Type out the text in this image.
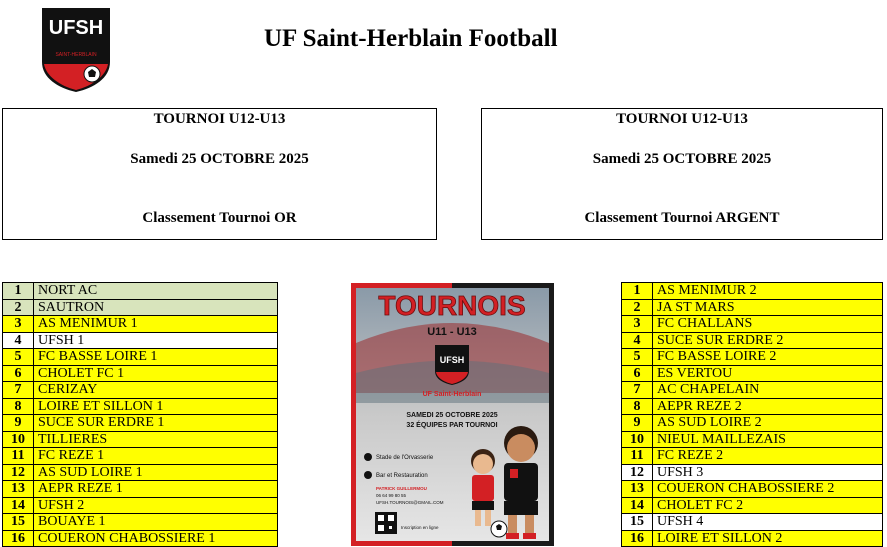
UFSH
SAINT-HERBLAIN
UF Saint-Herblain Football
TOURNOI U12-U13
Samedi 25 OCTOBRE 2025
Classement Tournoi OR
TOURNOI U12-U13
Samedi 25 OCTOBRE 2025
Classement Tournoi ARGENT
1	NORT AC
2	SAUTRON
3	AS MENIMUR 1
4	UFSH 1
5	FC BASSE LOIRE 1
6	CHOLET FC 1
7	CERIZAY
8	LOIRE ET SILLON 1
9	SUCE SUR ERDRE 1
10	TILLIERES
11	FC REZE 1
12	AS SUD LOIRE 1
13	AEPR REZE 1
14	UFSH 2
15	BOUAYE 1
16	COUERON CHABOSSIERE 1
1	AS MENIMUR 2
2	JA ST MARS
3	FC CHALLANS
4	SUCE SUR ERDRE 2
5	FC BASSE LOIRE 2
6	ES VERTOU
7	AC CHAPELAIN
8	AEPR REZE 2
9	AS SUD LOIRE 2
10	NIEUL MAILLEZAIS
11	FC REZE 2
12	UFSH 3
13	COUERON CHABOSSIERE 2
14	CHOLET FC 2
15	UFSH 4
16	LOIRE ET SILLON 2
TOURNOIS
U11 - U13
UFSH
UF Saint-Herblain
SAMEDI 25 OCTOBRE 2025
32 ÉQUIPES PAR TOURNOI
Stade de l'Orvasserie
Bar et Restauration
PATRICK GUILLERMOU
06 64 99 80 55
UFSH.TOURNOIS@GMAIL.COM
Inscription en ligne
